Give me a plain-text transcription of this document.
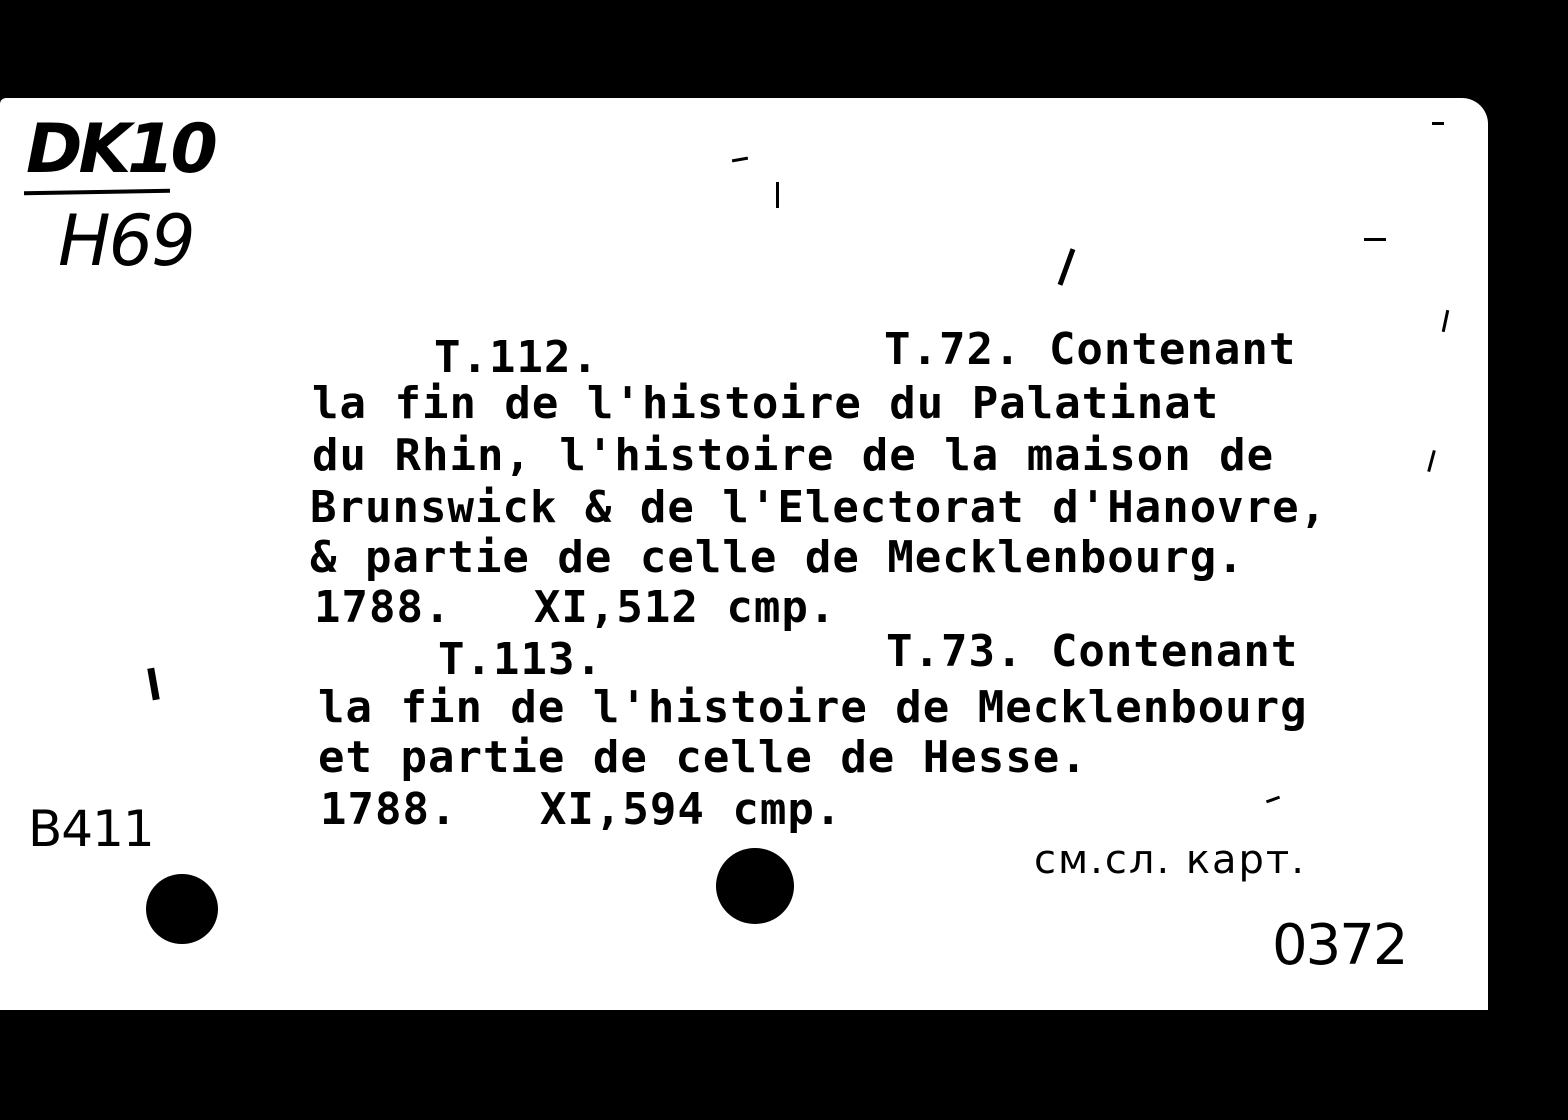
DK10
H69
T.112.	T.72. Contenant
la fin de l'histoire du Palatinat
du Rhin, l'histoire de la maison de
Brunswick & de l'Electorat d'Hanovre,
& partie de celle de Mecklenbourg.
1788.   XI,512 cmp.
T.113.	T.73. Contenant
la fin de l'histoire de Mecklenbourg
et partie de celle de Hesse.
1788.   XI,594 cmp.
B411
см.сл. карт.
0372
